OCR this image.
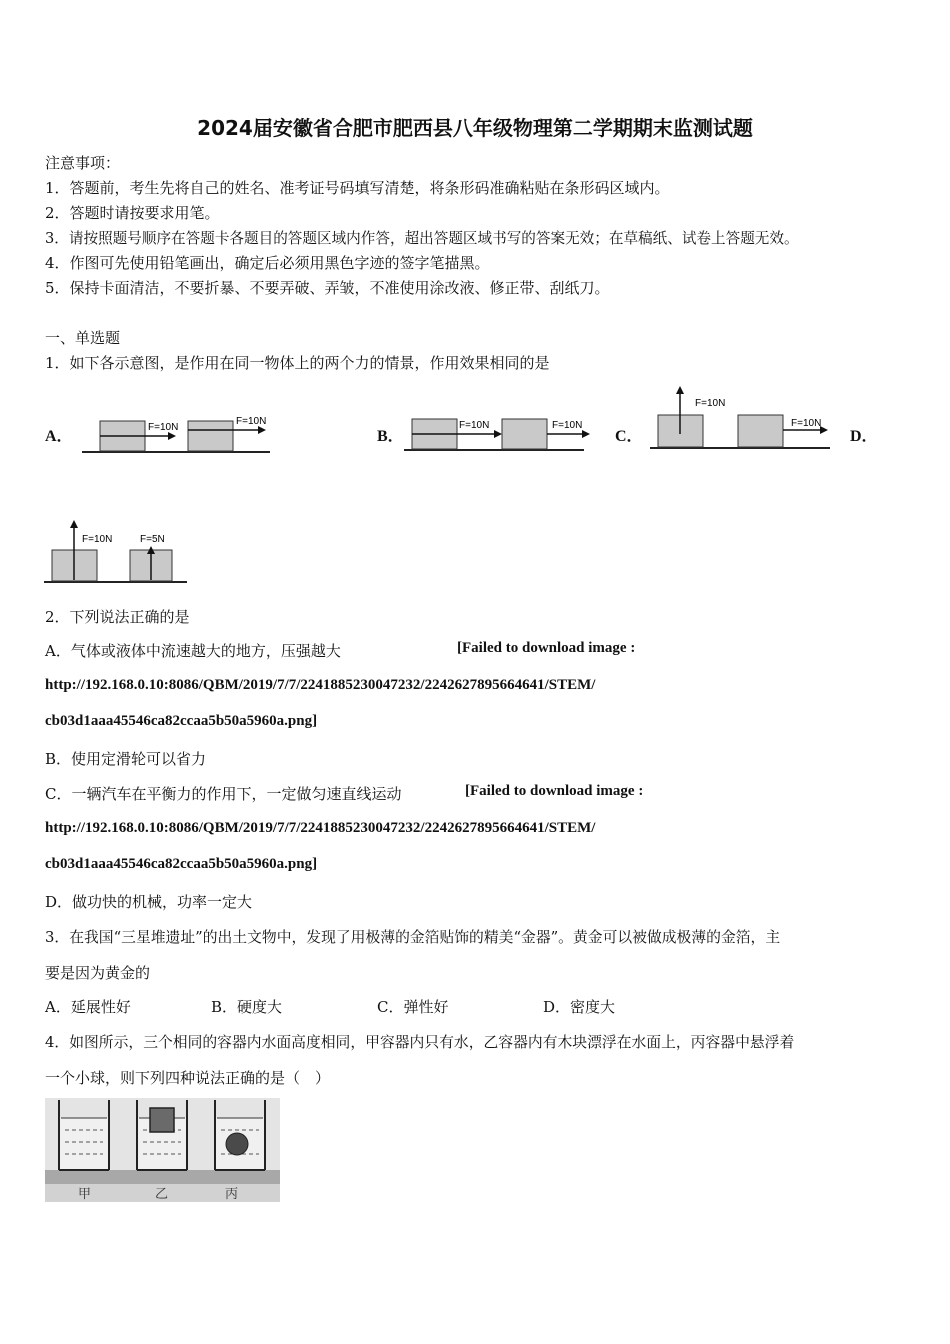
2024届安徽省合肥市肥西县八年级物理第二学期期末监测试题
注意事项：
1．答题前，考生先将自己的姓名、准考证号码填写清楚，将条形码准确粘贴在条形码区域内。
2．答题时请按要求用笔。
3．请按照题号顺序在答题卡各题目的答题区域内作答，超出答题区域书写的答案无效；在草稿纸、试卷上答题无效。
4．作图可先使用铅笔画出，确定后必须用黑色字迹的签字笔描黑。
5．保持卡面清洁，不要折暴、不要弄破、弄皱，不准使用涂改液、修正带、刮纸刀。
一、单选题
1．如下各示意图，是作用在同一物体上的两个力的情景，作用效果相同的是
A．	B．	C．	D．
F=10N
F=10N	F=10N	F=10N
F=10N
F=10N
F=10N	F=5N
2．下列说法正确的是
A．气体或液体中流速越大的地方，压强越大	[Failed to download image :
http://192.168.0.10:8086/QBM/2019/7/7/2241885230047232/2242627895664641/STEM/
cb03d1aaa45546ca82ccaa5b50a5960a.png]
B．使用定滑轮可以省力
C．一辆汽车在平衡力的作用下，一定做匀速直线运动	[Failed to download image :
http://192.168.0.10:8086/QBM/2019/7/7/2241885230047232/2242627895664641/STEM/
cb03d1aaa45546ca82ccaa5b50a5960a.png]
D．做功快的机械，功率一定大
3．在我国“三星堆遗址”的出土文物中，发现了用极薄的金箔贴饰的精美“金器”。黄金可以被做成极薄的金箔，主
要是因为黄金的
A．延展性好	B．硬度大	C．弹性好	D．密度大
4．如图所示，三个相同的容器内水面高度相同，甲容器内只有水，乙容器内有木块漂浮在水面上，丙容器中悬浮着
一个小球，则下列四种说法正确的是（　）
甲	乙	丙
